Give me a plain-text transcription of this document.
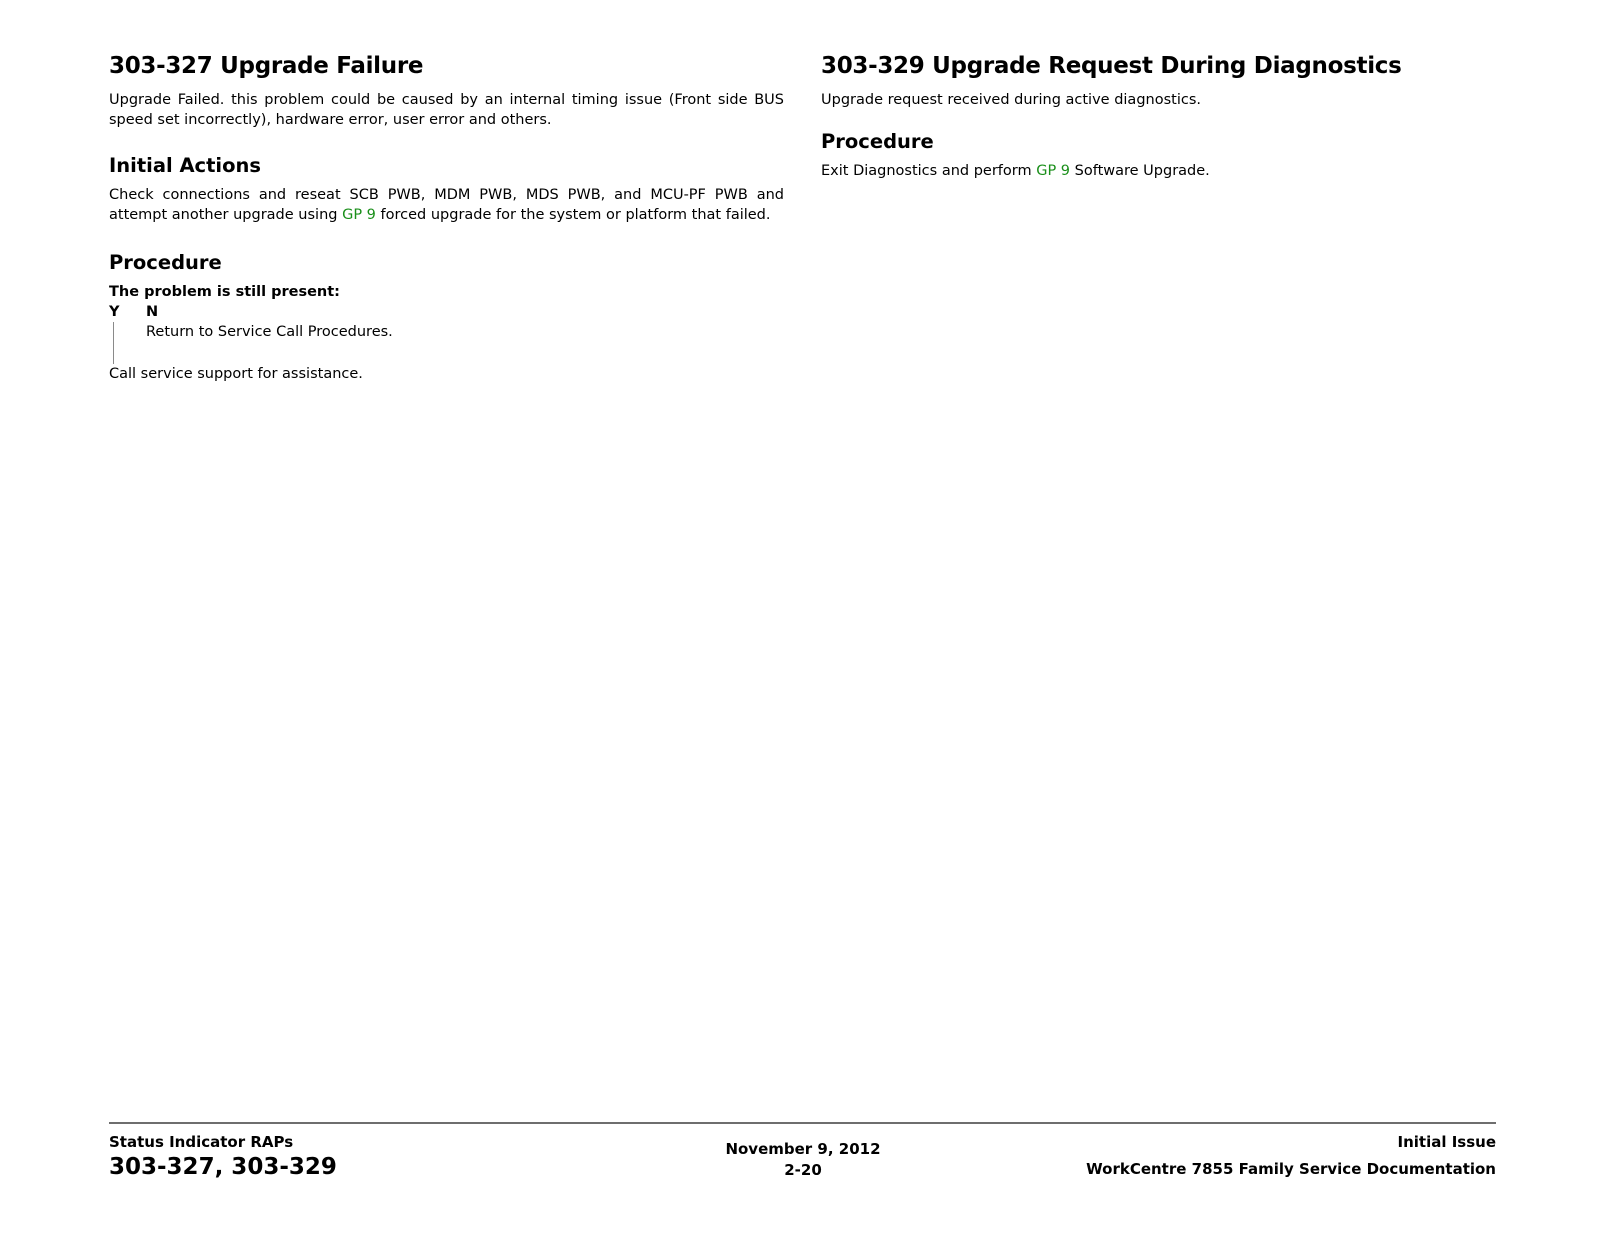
303-327 Upgrade Failure

Upgrade Failed. this problem could be caused by an internal timing issue (Front side BUS speed set incorrectly), hardware error, user error and others.

Initial Actions

Check connections and reseat SCB PWB, MDM PWB, MDS PWB, and MCU-PF PWB and attempt another upgrade using GP 9 forced upgrade for the system or platform that failed.

Procedure
The problem is still present:
Y N
Return to Service Call Procedures.

Call service support for assistance.

303-329 Upgrade Request During Diagnostics

Upgrade request received during active diagnostics.

Procedure

Exit Diagnostics and perform GP 9 Software Upgrade.

Status Indicator RAPs
303-327, 303-329
November 9, 2012
2-20
Initial Issue
WorkCentre 7855 Family Service Documentation
